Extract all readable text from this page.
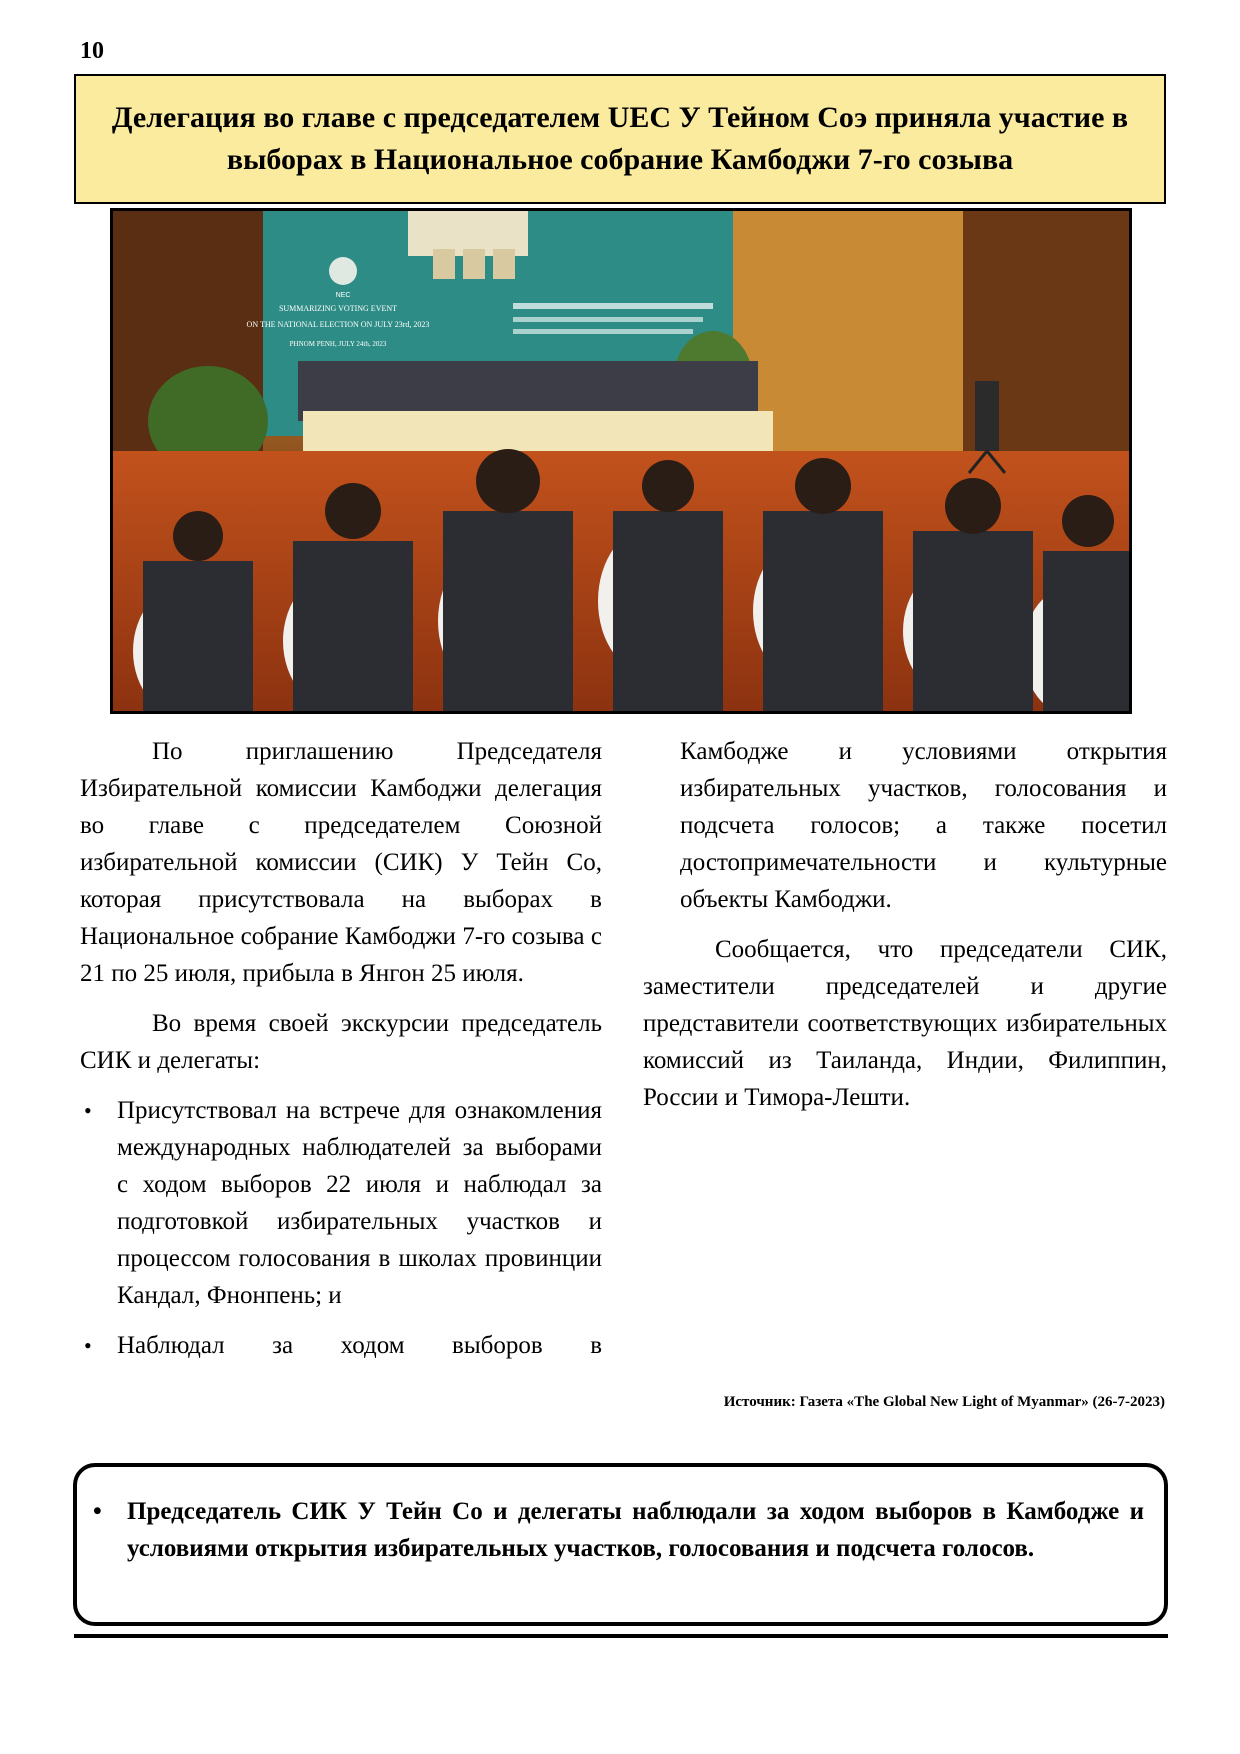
10
Делегация во главе с председателем UEC У Тейном Соэ приняла участие в выборах в Национальное собрание Камбоджи 7-го созыва
NEC
SUMMARIZING VOTING EVENT
ON THE NATIONAL ELECTION ON JULY 23rd, 2023
PHNOM PENH, JULY 24th, 2023

По приглашению Председателя Избирательной комиссии Камбоджи делегация во главе с председателем Союзной избирательной комиссии (СИК) У Тейн Со, которая присутствовала на выборах в Национальное собрание Камбоджи 7-го созыва с 21 по 25 июля, прибыла в Янгон 25 июля.

Во время своей экскурсии председатель СИК и делегаты:

• Присутствовал на встрече для ознакомления международных наблюдателей за выборами с ходом выборов 22 июля и наблюдал за подготовкой избирательных участков и процессом голосования в школах провинции Кандал, Фнонпень; и
• Наблюдал за ходом выборов в

Камбодже и условиями открытия избирательных участков, голосования и подсчета голосов; а также посетил достопримечательности и культурные объекты Камбоджи.

Сообщается, что председатели СИК, заместители председателей и другие представители соответствующих избирательных комиссий из Таиланда, Индии, Филиппин, России и Тимора-Лешти.

Источник: Газета «The Global New Light of Myanmar» (26-7-2023)
• Председатель СИК У Тейн Со и делегаты наблюдали за ходом выборов в Камбодже и условиями открытия избирательных участков, голосования и подсчета голосов.
